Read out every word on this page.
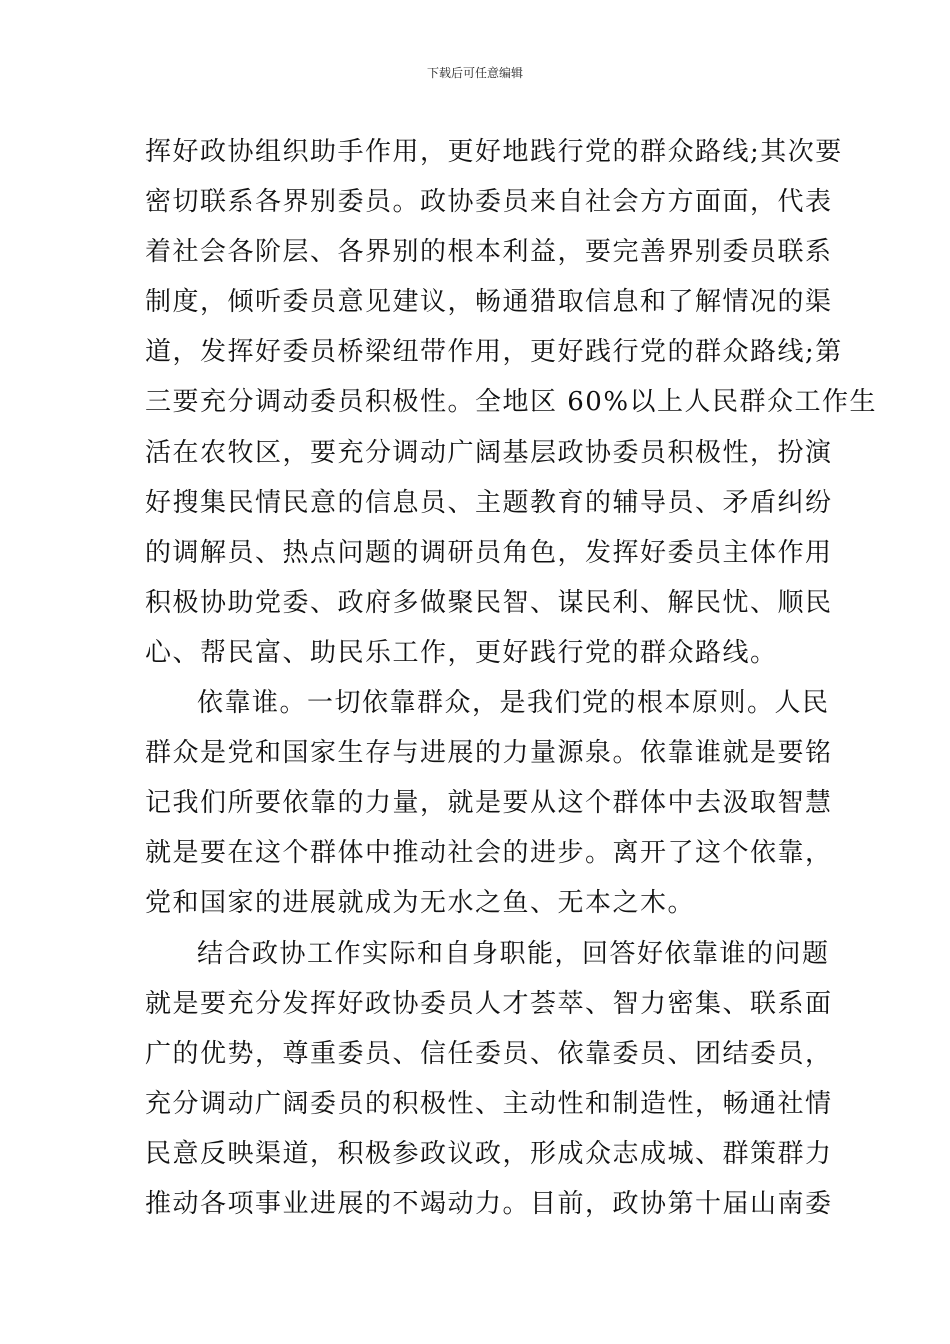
下载后可任意编辑
挥好政协组织助手作用，更好地践行党的群众路线;其次要
密切联系各界别委员。政协委员来自社会方方面面，代表
着社会各阶层、各界别的根本利益，要完善界别委员联系
制度，倾听委员意见建议，畅通猎取信息和了解情况的渠
道，发挥好委员桥梁纽带作用，更好践行党的群众路线;第
三要充分调动委员积极性。全地区 60%以上人民群众工作生
活在农牧区，要充分调动广阔基层政协委员积极性，扮演
好搜集民情民意的信息员、主题教育的辅导员、矛盾纠纷
的调解员、热点问题的调研员角色，发挥好委员主体作用
积极协助党委、政府多做聚民智、谋民利、解民忧、顺民
心、帮民富、助民乐工作，更好践行党的群众路线。
依靠谁。一切依靠群众，是我们党的根本原则。人民
群众是党和国家生存与进展的力量源泉。依靠谁就是要铭
记我们所要依靠的力量，就是要从这个群体中去汲取智慧
就是要在这个群体中推动社会的进步。离开了这个依靠，
党和国家的进展就成为无水之鱼、无本之木。
结合政协工作实际和自身职能，回答好依靠谁的问题
就是要充分发挥好政协委员人才荟萃、智力密集、联系面
广的优势，尊重委员、信任委员、依靠委员、团结委员，
充分调动广阔委员的积极性、主动性和制造性，畅通社情
民意反映渠道，积极参政议政，形成众志成城、群策群力
推动各项事业进展的不竭动力。目前，政协第十届山南委
